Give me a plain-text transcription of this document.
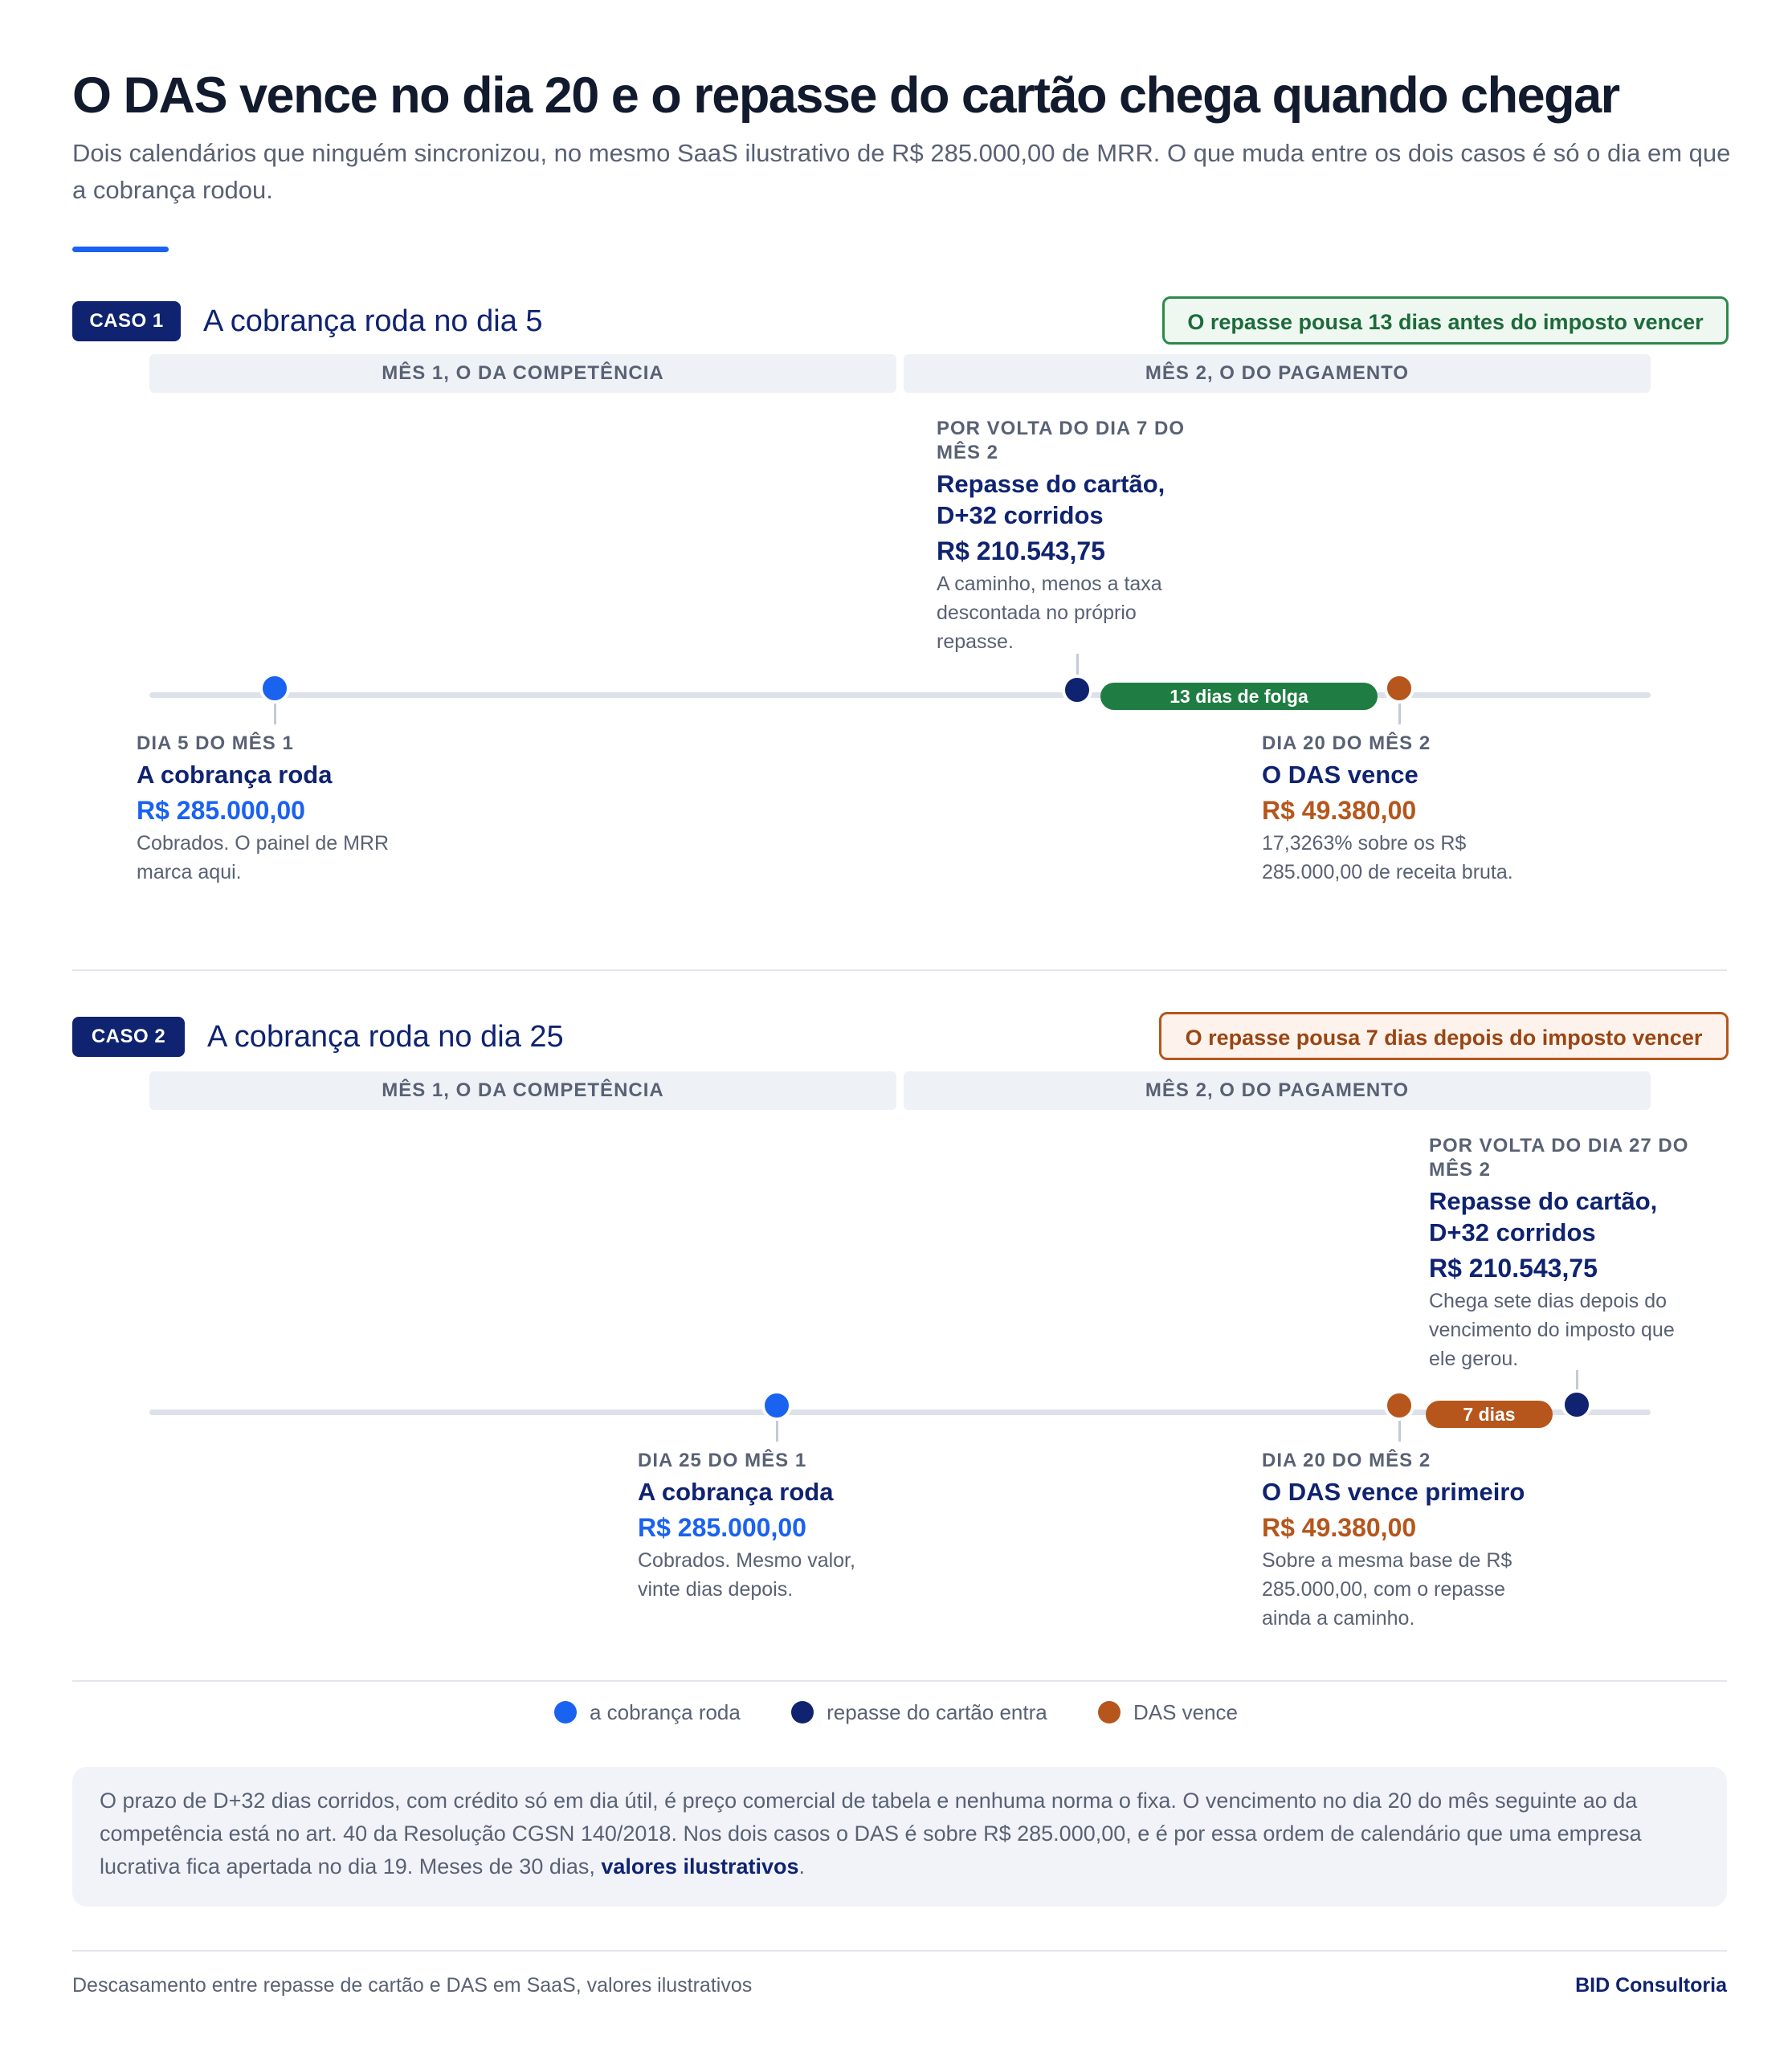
O DAS vence no dia 20 e o repasse do cartão chega quando chegar
Dois calendários que ninguém sincronizou, no mesmo SaaS ilustrativo de R$ 285.000,00 de MRR. O que muda entre os dois casos é só o dia em que a cobrança rodou.
CASO 1	A cobrança roda no dia 5	O repasse pousa 13 dias antes do imposto vencer
MÊS 1, O DA COMPETÊNCIA	MÊS 2, O DO PAGAMENTO
13 dias de folga
POR VOLTA DO DIA 7 DO MÊS 2
Repasse do cartão, D+32 corridos
R$ 210.543,75
A caminho, menos a taxa descontada no próprio repasse.
DIA 5 DO MÊS 1
A cobrança roda
R$ 285.000,00
Cobrados. O painel de MRR marca aqui.
DIA 20 DO MÊS 2
O DAS vence
R$ 49.380,00
17,3263% sobre os R$ 285.000,00 de receita bruta.
CASO 2	A cobrança roda no dia 25	O repasse pousa 7 dias depois do imposto vencer
MÊS 1, O DA COMPETÊNCIA	MÊS 2, O DO PAGAMENTO
7 dias
POR VOLTA DO DIA 27 DO MÊS 2
Repasse do cartão, D+32 corridos
R$ 210.543,75
Chega sete dias depois do vencimento do imposto que ele gerou.
DIA 25 DO MÊS 1
A cobrança roda
R$ 285.000,00
Cobrados. Mesmo valor, vinte dias depois.
DIA 20 DO MÊS 2
O DAS vence primeiro
R$ 49.380,00
Sobre a mesma base de R$ 285.000,00, com o repasse ainda a caminho.
a cobrança roda	repasse do cartão entra	DAS vence
O prazo de D+32 dias corridos, com crédito só em dia útil, é preço comercial de tabela e nenhuma norma o fixa. O vencimento no dia 20 do mês seguinte ao da competência está no art. 40 da Resolução CGSN 140/2018. Nos dois casos o DAS é sobre R$ 285.000,00, e é por essa ordem de calendário que uma empresa lucrativa fica apertada no dia 19. Meses de 30 dias, valores ilustrativos.
Descasamento entre repasse de cartão e DAS em SaaS, valores ilustrativos	BID Consultoria
